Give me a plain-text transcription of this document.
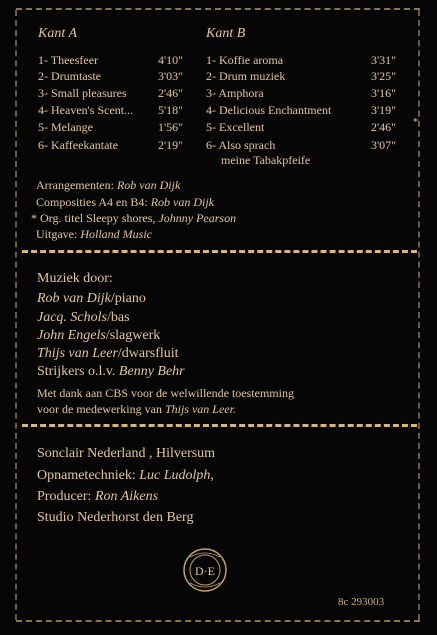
Kant A	Kant B
1- Theesfeer	4'10"
2- Drumtaste	3'03"
3- Small pleasures	2'46"
4- Heaven's Scent... 5'18"
5- Melange	1'56"
6- Kaffeekantate	2'19"
1- Koffie aroma	3'31"
2- Drum muziek	3'25"
3- Amphora	3'16"
4- Delicious Enchantment	3'19"
5- Excellent	2'46" *
6- Also sprach	3'07"
meine Tabakpfeife
Arrangementen: Rob van Dijk
Composities A4 en B4: Rob van Dijk
* Org. titel Sleepy shores, Johnny Pearson
Uitgave: Holland Music
Muziek door:
Rob van Dijk/piano
Jacq. Schols/bas
John Engels/slagwerk
Thijs van Leer/dwarsfluit
Strijkers o.l.v. Benny Behr
Met dank aan CBS voor de welwillende toestemming
voor de medewerking van Thijs van Leer.
Sonclair Nederland , Hilversum
Opnametechniek: Luc Ludolph,
Producer: Ron Aikens
Studio Nederhorst den Berg
D·E
8c 293003
